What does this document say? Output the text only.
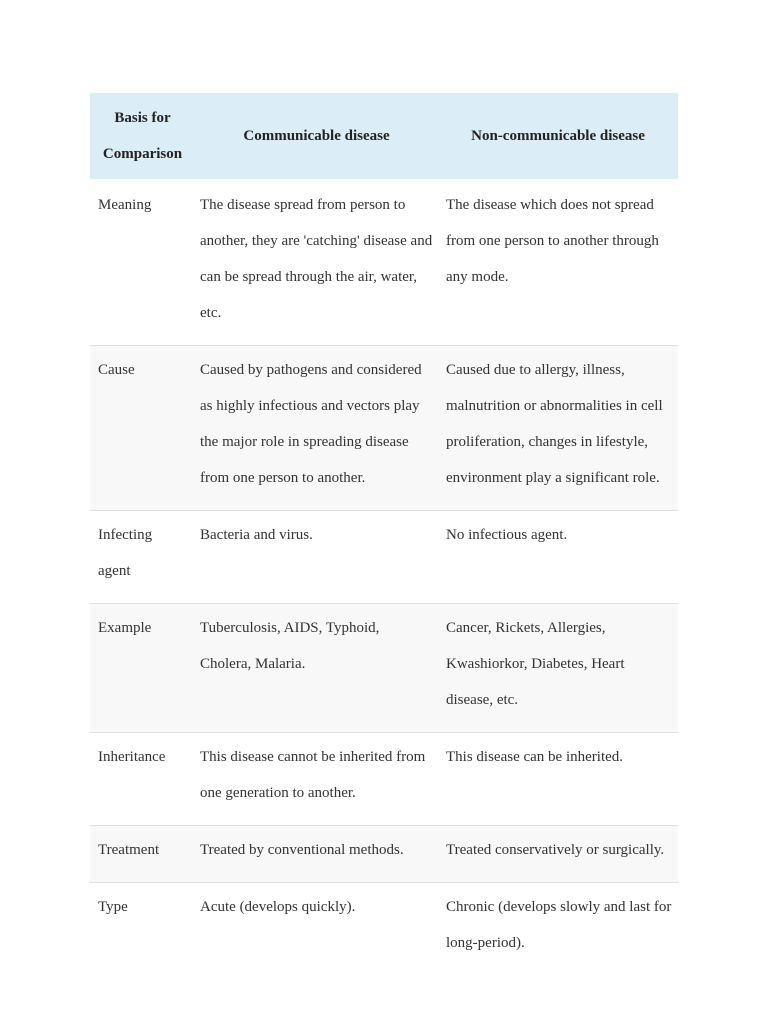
Basis for Comparison	Communicable disease	Non-communicable disease
Meaning	The disease spread from person to another, they are 'catching' disease and can be spread through the air, water, etc.	The disease which does not spread from one person to another through any mode.
Cause	Caused by pathogens and considered as highly infectious and vectors play the major role in spreading disease from one person to another.	Caused due to allergy, illness, malnutrition or abnormalities in cell proliferation, changes in lifestyle, environment play a significant role.
Infecting agent	Bacteria and virus.	No infectious agent.
Example	Tuberculosis, AIDS, Typhoid, Cholera, Malaria.	Cancer, Rickets, Allergies, Kwashiorkor, Diabetes, Heart disease, etc.
Inheritance	This disease cannot be inherited from one generation to another.	This disease can be inherited.
Treatment	Treated by conventional methods.	Treated conservatively or surgically.
Type	Acute (develops quickly).	Chronic (develops slowly and last for long-period).
